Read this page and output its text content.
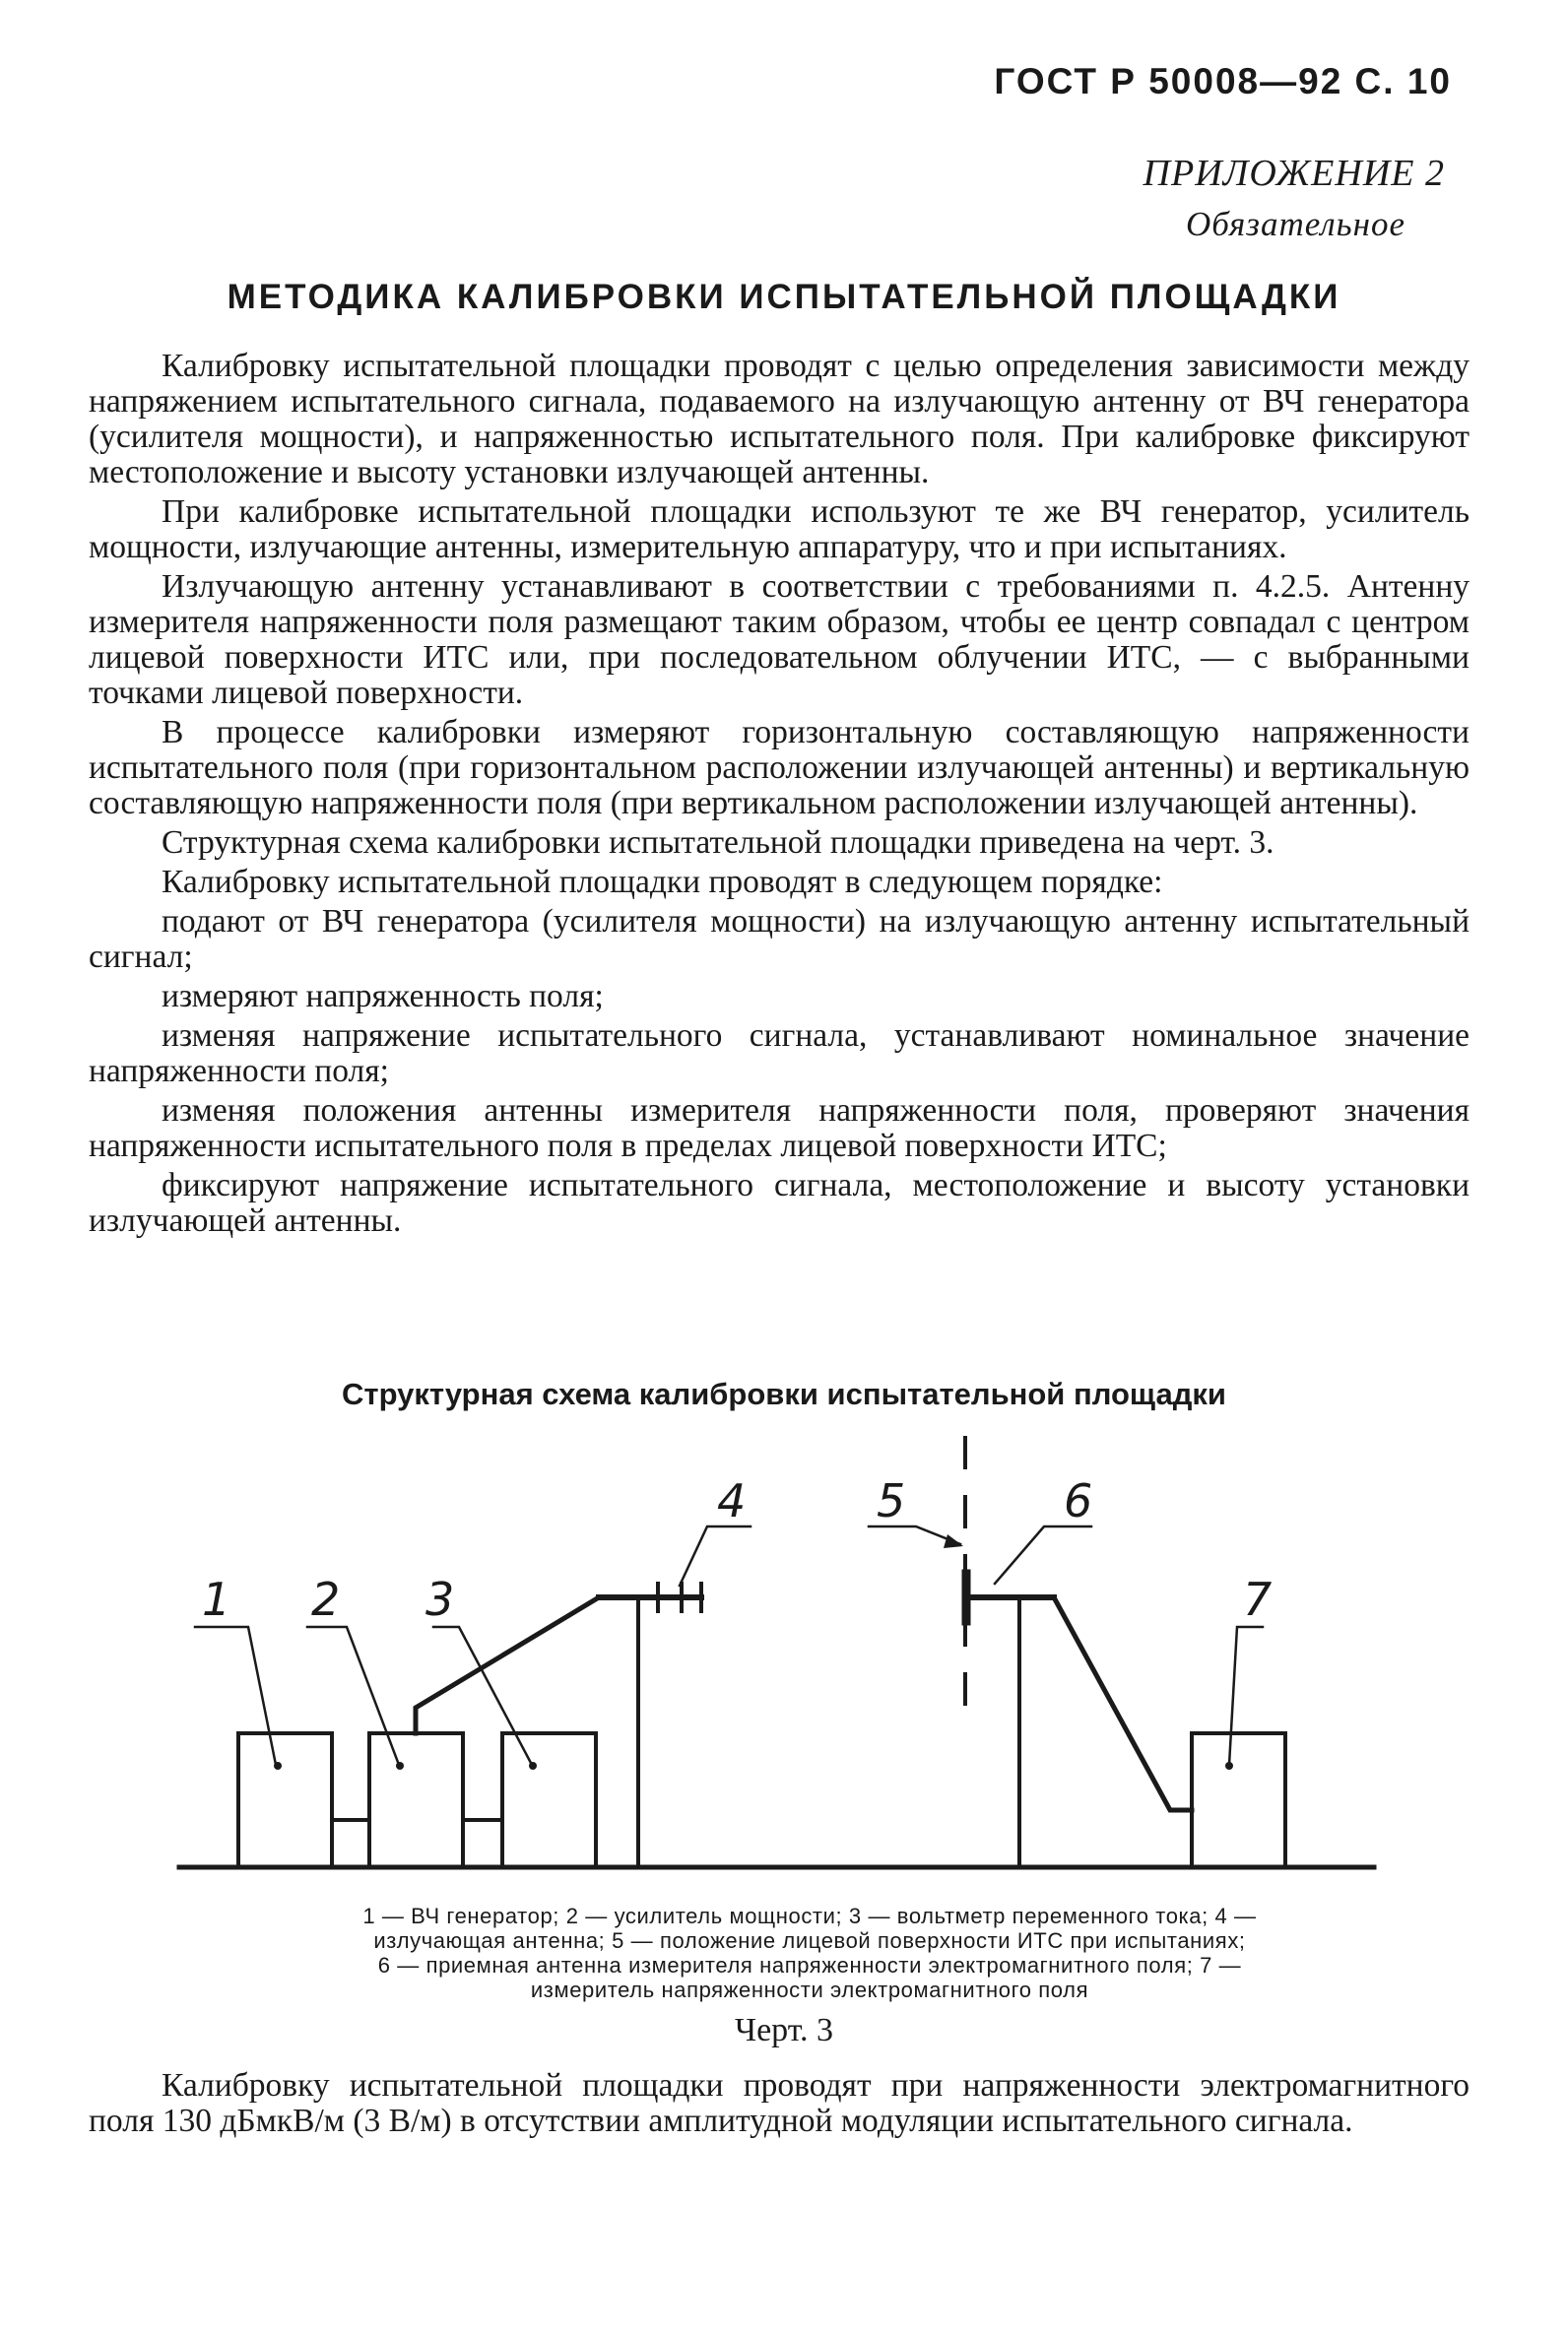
ГОСТ Р 50008—92 С. 10
ПРИЛОЖЕНИЕ 2
Обязательное
МЕТОДИКА КАЛИБРОВКИ ИСПЫТАТЕЛЬНОЙ ПЛОЩАДКИ

Калибровку испытательной площадки проводят с целью определения зависимости между напряжением испытательного сигнала, подаваемого на излучающую антенну от ВЧ генератора (усилителя мощности), и напряженностью испытательного поля. При калибровке фиксируют местоположение и высоту установки излучающей антенны.

При калибровке испытательной площадки используют те же ВЧ генератор, усилитель мощности, излучающие антенны, измерительную аппаратуру, что и при испытаниях.

Излучающую антенну устанавливают в соответствии с требованиями п. 4.2.5. Антенну измерителя напряженности поля размещают таким образом, чтобы ее центр совпадал с центром лицевой поверхности ИТС или, при последовательном облучении ИТС, — с выбранными точками лицевой поверхности.

В процессе калибровки измеряют горизонтальную составляющую напряженности испытательного поля (при горизонтальном расположении излучающей антенны) и вертикальную составляющую напряженности поля (при вертикальном расположении излучающей антенны).

Структурная схема калибровки испытательной площадки приведена на черт. 3.

Калибровку испытательной площадки проводят в следующем порядке:

подают от ВЧ генератора (усилителя мощности) на излучающую антенну испытательный сигнал;

измеряют напряженность поля;

изменяя напряжение испытательного сигнала, устанавливают номинальное значение напряженности поля;

изменяя положения антенны измерителя напряженности поля, проверяют значения напряженности испытательного поля в пределах лицевой поверхности ИТС;

фиксируют напряжение испытательного сигнала, местоположение и высоту установки излучающей антенны.

Структурная схема калибровки испытательной площадки
1 2 3
4	5	6
7
1 — ВЧ генератор; 2 — усилитель мощности; 3 — вольтметр переменного тока; 4 —
излучающая антенна; 5 — положение лицевой поверхности ИТС при испытаниях;
6 — приемная антенна измерителя напряженности электромагнитного поля; 7 —
измеритель напряженности электромагнитного поля
Черт. 3

Калибровку испытательной площадки проводят при напряженности электромагнитного поля 130 дБмкВ/м (3 В/м) в отсутствии амплитудной модуляции испытательного сигнала.
